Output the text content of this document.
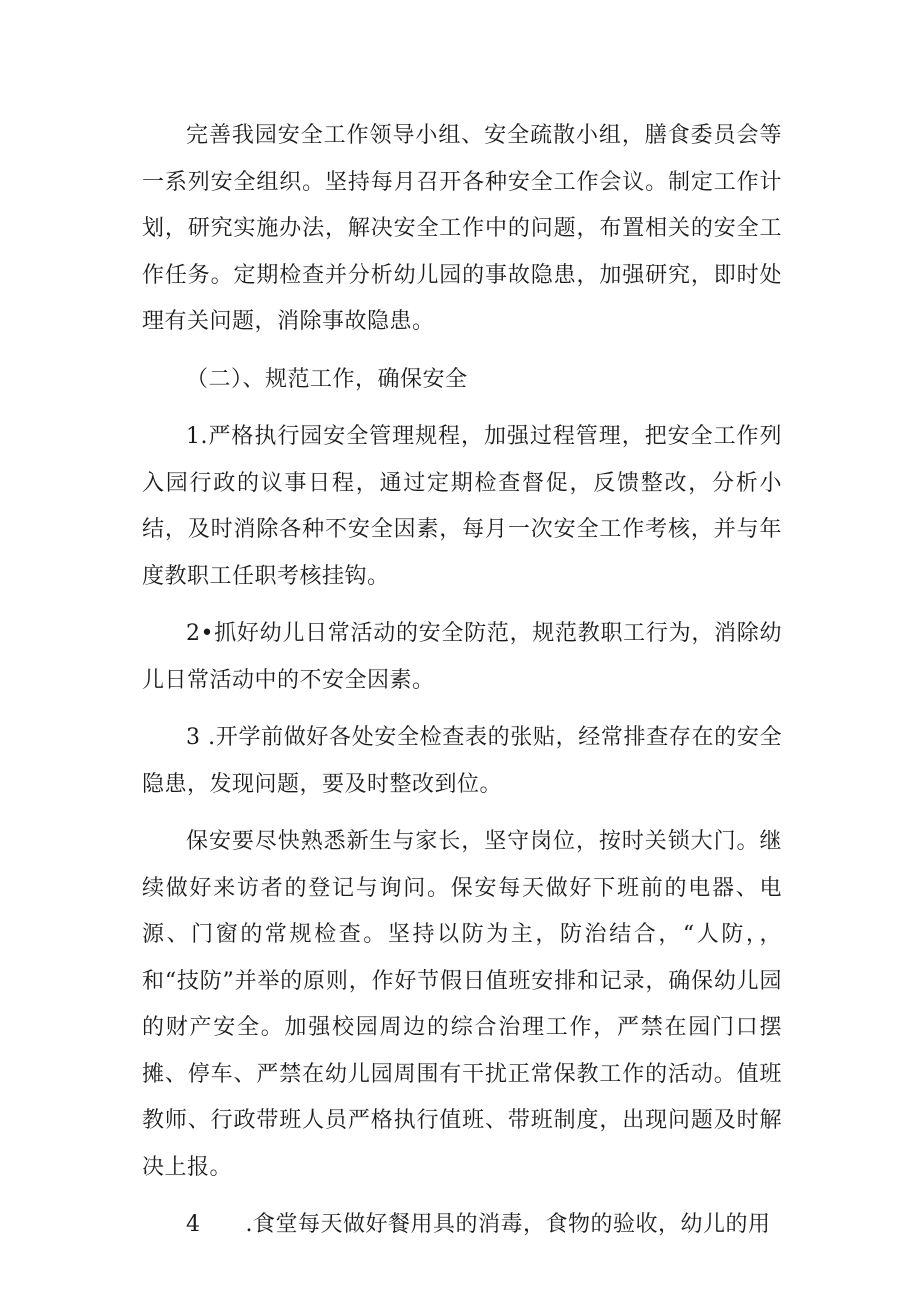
完善我园安全工作领导小组、安全疏散小组，膳食委员会等一系列安全组织。坚持每月召开各种安全工作会议。制定工作计划，研究实施办法，解决安全工作中的问题，布置相关的安全工作任务。定期检查并分析幼儿园的事故隐患，加强研究，即时处理有关问题，消除事故隐患。

（二）、规范工作，确保安全

1.严格执行园安全管理规程，加强过程管理，把安全工作列入园行政的议事日程，通过定期检查督促，反馈整改，分析小结，及时消除各种不安全因素，每月一次安全工作考核，并与年度教职工任职考核挂钩。

2•抓好幼儿日常活动的安全防范，规范教职工行为，消除幼儿日常活动中的不安全因素。

3 .开学前做好各处安全检查表的张贴，经常排查存在的安全隐患，发现问题，要及时整改到位。

保安要尽快熟悉新生与家长，坚守岗位，按时关锁大门。继续做好来访者的登记与询问。保安每天做好下班前的电器、电源、门窗的常规检查。坚持以防为主，防治结合，“人防，，和“技防”并举的原则，作好节假日值班安排和记录，确保幼儿园的财产安全。加强校园周边的综合治理工作，严禁在园门口摆摊、停车、严禁在幼儿园周围有干扰正常保教工作的活动。值班教师、行政带班人员严格执行值班、带班制度，出现问题及时解决上报。

4  .食堂每天做好餐用具的消毒，食物的验收，幼儿的用
